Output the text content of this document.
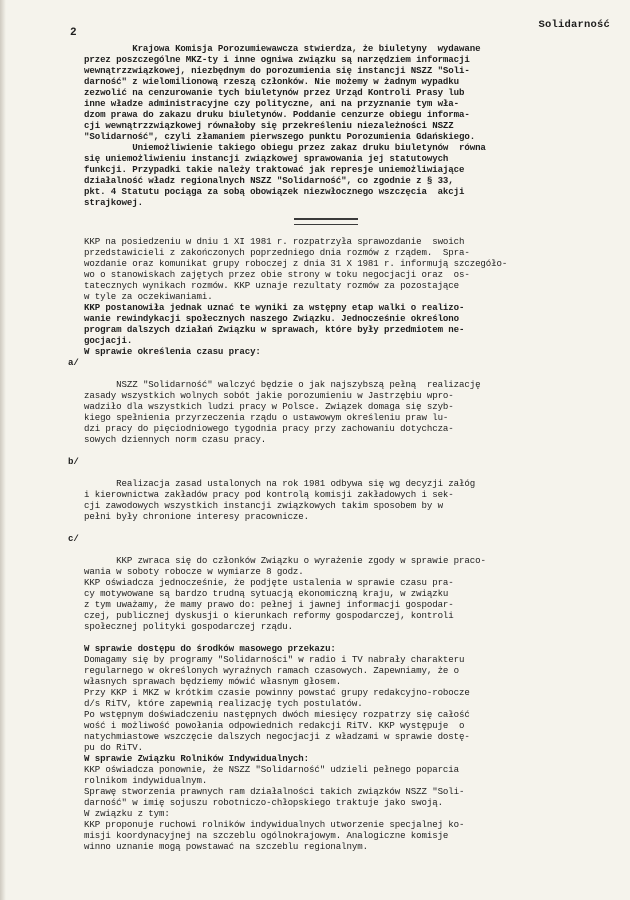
2
Solidarność

Krajowa Komisja Porozumiewawcza stwierdza, że biuletyny  wydawane
przez poszczególne MKZ-ty i inne ogniwa związku są narzędziem informacji
wewnątrzzwiązkowej, niezbędnym do porozumienia się instancji NSZZ "Soli-
darność" z wielomilionową rzeszą członków. Nie możemy w żadnym wypadku
zezwolić na cenzurowanie tych biuletynów przez Urząd Kontroli Prasy lub
inne władze administracyjne czy polityczne, ani na przyznanie tym wła-
dzom prawa do zakazu druku biuletynów. Poddanie cenzurze obiegu informa-
cji wewnątrzzwiązkowej równałoby się przekreśleniu niezależności NSZZ
"Solidarność", czyli złamaniem pierwszego punktu Porozumienia Gdańskiego.

Uniemożliwienie takiego obiegu przez zakaz druku biuletynów  równa
się uniemożliwieniu instancji związkowej sprawowania jej statutowych
funkcji. Przypadki takie należy traktować jak represje uniemożliwiające
działalność władz regionalnych NSZZ "Solidarność", co zgodnie z § 33,
pkt. 4 Statutu pociąga za sobą obowiązek niezwłocznego wszczęcia  akcji
strajkowej.

KKP na posiedzeniu w dniu 1 XI 1981 r. rozpatrzyła sprawozdanie  swoich
przedstawicieli z zakończonych poprzedniego dnia rozmów z rządem.  Spra-
wozdanie oraz komunikat grupy roboczej z dnia 31 X 1981 r. informują szczegóło-
wo o stanowiskach zajętych przez obie strony w toku negocjacji oraz  os-
tatecznych wynikach rozmów. KKP uznaje rezultaty rozmów za pozostające
w tyle za oczekiwaniami.

KKP postanowiła jednak uznać te wyniki za wstępny etap walki o realizo-
wanie rewindykacji społecznych naszego Związku. Jednocześnie określono
program dalszych działań Związku w sprawach, które były przedmiotem ne-
gocjacji.

W sprawie określenia czasu pracy:

a/

NSZZ "Solidarność" walczyć będzie o jak najszybszą pełną  realizację
zasady wszystkich wolnych sobót jakie porozumieniu w Jastrzębiu wpro-
wadziło dla wszystkich ludzi pracy w Polsce. Związek domaga się szyb-
kiego spełnienia przyrzeczenia rządu o ustawowym określeniu praw lu-
dzi pracy do pięciodniowego tygodnia pracy przy zachowaniu dotychcza-
sowych dziennych norm czasu pracy.

b/

Realizacja zasad ustalonych na rok 1981 odbywa się wg decyzji załóg
i kierownictwa zakładów pracy pod kontrolą komisji zakładowych i sek-
cji zawodowych wszystkich instancji związkowych takim sposobem by w
pełni były chronione interesy pracownicze.

c/

KKP zwraca się do członków Związku o wyrażenie zgody w sprawie praco-
wania w soboty robocze w wymiarze 8 godz.
KKP oświadcza jednocześnie, że podjęte ustalenia w sprawie czasu pra-
cy motywowane są bardzo trudną sytuacją ekonomiczną kraju, w związku
z tym uważamy, że mamy prawo do: pełnej i jawnej informacji gospodar-
czej, publicznej dyskusji o kierunkach reformy gospodarczej, kontroli
społecznej polityki gospodarczej rządu.

W sprawie dostępu do środków masowego przekazu:

Domagamy się by programy "Solidarności" w radio i TV nabrały charakteru
regularnego w określonych wyraźnych ramach czasowych. Zapewniamy, że o
własnych sprawach będziemy mówić własnym głosem.

Przy KKP i MKZ w krótkim czasie powinny powstać grupy redakcyjno-robocze
d/s RiTV, które zapewnią realizację tych postulatów.

Po wstępnym doświadczeniu następnych dwóch miesięcy rozpatrzy się całość
wość i możliwość powołania odpowiednich redakcji RiTV. KKP występuje  o
natychmiastowe wszczęcie dalszych negocjacji z władzami w sprawie dostę-
pu do RiTV.

W sprawie Związku Rolników Indywidualnych:

KKP oświadcza ponownie, że NSZZ "Solidarność" udzieli pełnego poparcia
rolnikom indywidualnym.

Sprawę stworzenia prawnych ram działalności takich związków NSZZ "Soli-
darność" w imię sojuszu robotniczo-chłopskiego traktuje jako swoją.

W związku z tym:

KKP proponuje ruchowi rolników indywidualnych utworzenie specjalnej ko-
misji koordynacyjnej na szczeblu ogólnokrajowym. Analogiczne komisje
winno uznanie mogą powstawać na szczeblu regionalnym.
